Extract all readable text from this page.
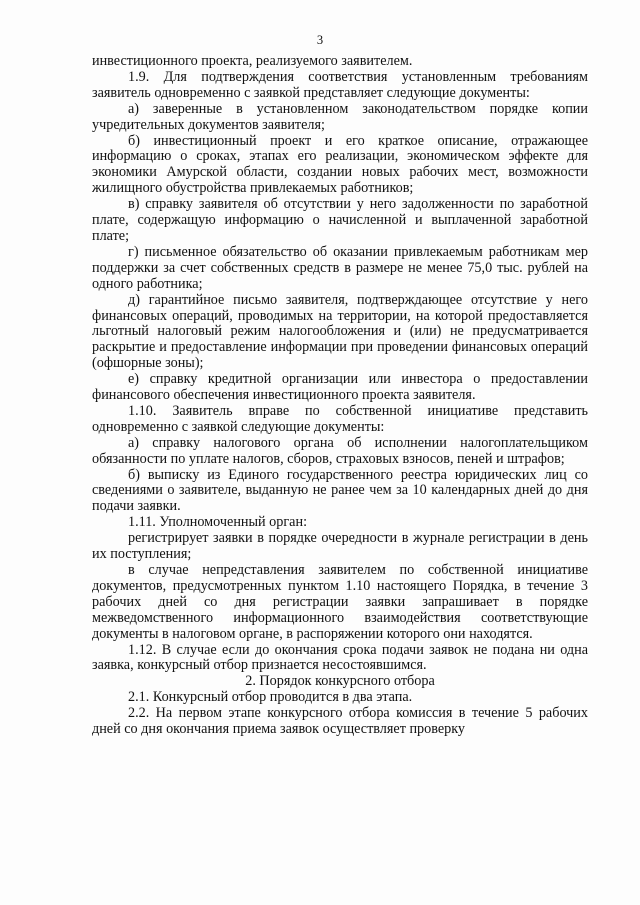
3

инвестиционного проекта, реализуемого заявителем.

1.9. Для подтверждения соответствия установленным требованиям заявитель одновременно с заявкой представляет следующие документы:

а) заверенные в установленном законодательством порядке копии учредительных документов заявителя;

б) инвестиционный проект и его краткое описание, отражающее информацию о сроках, этапах его реализации, экономическом эффекте для экономики Амурской области, создании новых рабочих мест, возможности жилищного обустройства привлекаемых работников;

в) справку заявителя об отсутствии у него задолженности по заработной плате, содержащую информацию о начисленной и выплаченной заработной плате;

г) письменное обязательство об оказании привлекаемым работникам мер поддержки за счет собственных средств в размере не менее 75,0 тыс. рублей на одного работника;

д) гарантийное письмо заявителя, подтверждающее отсутствие у него финансовых операций, проводимых на территории, на которой предоставляется льготный налоговый режим налогообложения и (или) не предусматривается раскрытие и предоставление информации при проведении финансовых операций (офшорные зоны);

е) справку кредитной организации или инвестора о предоставлении финансового обеспечения инвестиционного проекта заявителя.

1.10. Заявитель вправе по собственной инициативе представить одновременно с заявкой следующие документы:

а) справку налогового органа об исполнении налогоплательщиком обязанности по уплате налогов, сборов, страховых взносов, пеней и штрафов;

б) выписку из Единого государственного реестра юридических лиц со сведениями о заявителе, выданную не ранее чем за 10 календарных дней до дня подачи заявки.

1.11. Уполномоченный орган:

регистрирует заявки в порядке очередности в журнале регистрации в день их поступления;

в случае непредставления заявителем по собственной инициативе документов, предусмотренных пунктом 1.10 настоящего Порядка, в течение 3 рабочих дней со дня регистрации заявки запрашивает в порядке межведомственного информационного взаимодействия соответствующие документы в налоговом органе, в распоряжении которого они находятся.

1.12. В случае если до окончания срока подачи заявок не подана ни одна заявка, конкурсный отбор признается несостоявшимся.

2. Порядок конкурсного отбора

2.1. Конкурсный отбор проводится в два этапа.

2.2. На первом этапе конкурсного отбора комиссия в течение 5 рабочих дней со дня окончания приема заявок осуществляет проверку
